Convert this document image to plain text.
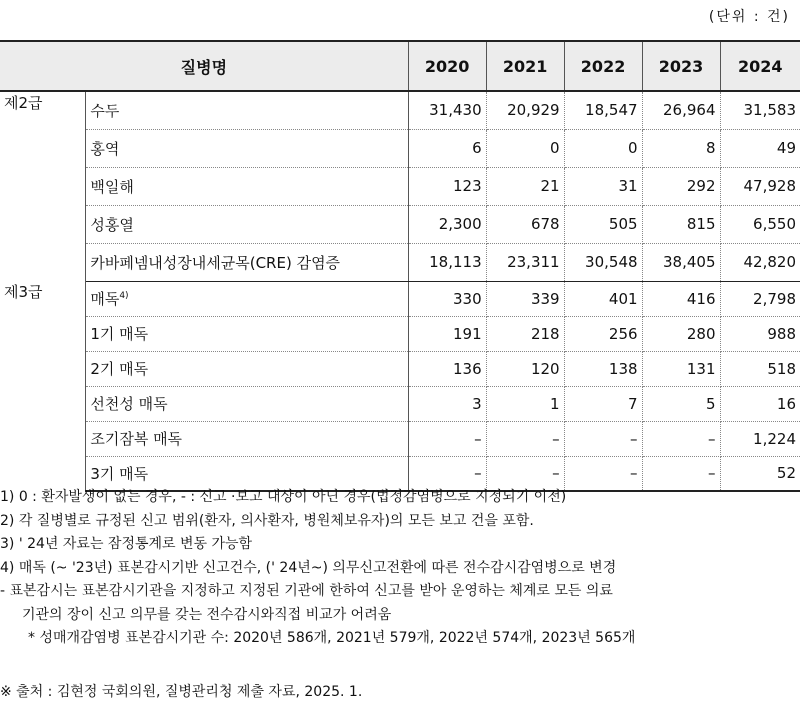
(단위 : 건)
질병명		2020	2021	2022	2023	2024
제2급	수두	31,430	20,929	18,547	26,964	31,583
	홍역	6	0	0	8	49
	백일해	123	21	31	292	47,928
	성홍열	2,300	678	505	815	6,550
	카바페넴내성장내세균목(CRE) 감염증	18,113	23,311	30,548	38,405	42,820
제3급	매독$^{4)}$	330	339	401	416	2,798
	1기 매독	191	218	256	280	988
	2기 매독	136	120	138	131	518
	선천성 매독	3	1	7	5	16
	조기잠복 매독	–	–	–	–	1,224
	3기 매독	–	–	–	–	52

1) 0 : 환자발생이 없는 경우, - : 신고 ·보고 대상이 아닌 경우(법정감염병으로 지정되기 이전)

2) 각 질병별로 규정된 신고 범위(환자, 의사환자, 병원체보유자)의 모든 보고 건을 포함.

3) ' 24년 자료는 잠정통계로 변동 가능함

4) 매독 (~ '23년) 표본감시기반 신고건수, (' 24년~) 의무신고전환에 따른 전수감시감염병으로 변경

- 표본감시는 표본감시기관을 지정하고 지정된 기관에 한하여 신고를 받아 운영하는 체계로 모든 의료

기관의 장이 신고 의무를 갖는 전수감시와직접 비교가 어려움

* 성매개감염병 표본감시기관 수: 2020년 586개, 2021년 579개, 2022년 574개, 2023년 565개

※ 출처 : 김현정 국회의원, 질병관리청 제출 자료, 2025. 1.
